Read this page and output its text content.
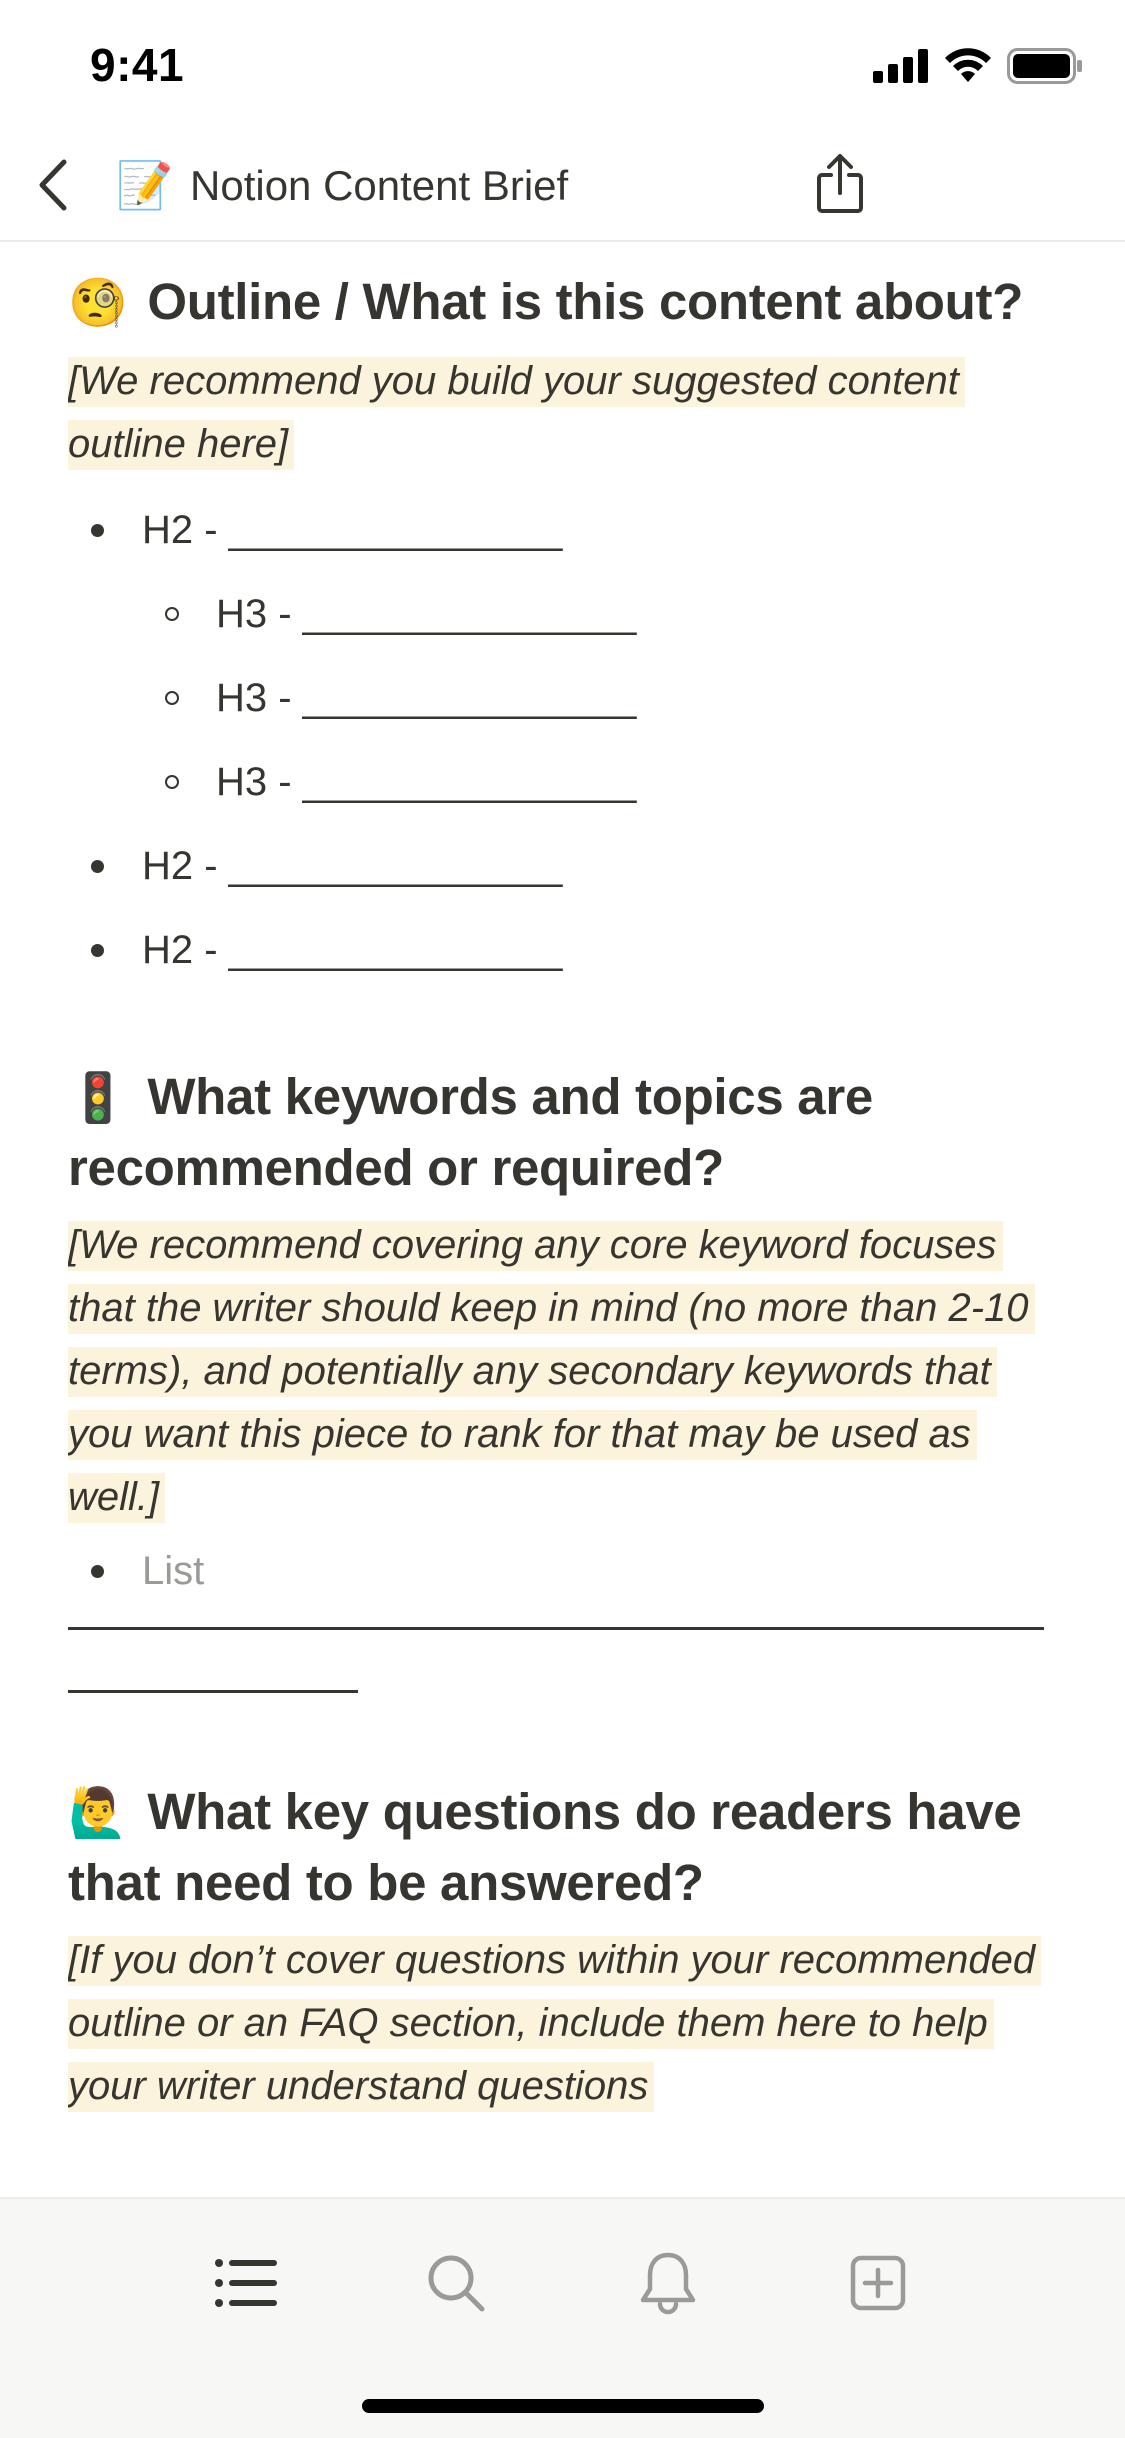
9:41
📝 Notion Content Brief
🧐 Outline / What is this content about?

[We recommend you build your suggested content outline here]

H2 - _______________
H3 - _______________
H3 - _______________
H3 - _______________
H2 - _______________
H2 - _______________
🚦 What keywords and topics are recommended or required?

[We recommend covering any core keyword focuses that the writer should keep in mind (no more than 2-10 terms), and potentially any secondary keywords that you want this piece to rank for that may be used as well.]

List
🙋‍♂️ What key questions do readers have that need to be answered?

[If you don’t cover questions within your recommended outline or an FAQ section, include them here to help your writer understand questions
